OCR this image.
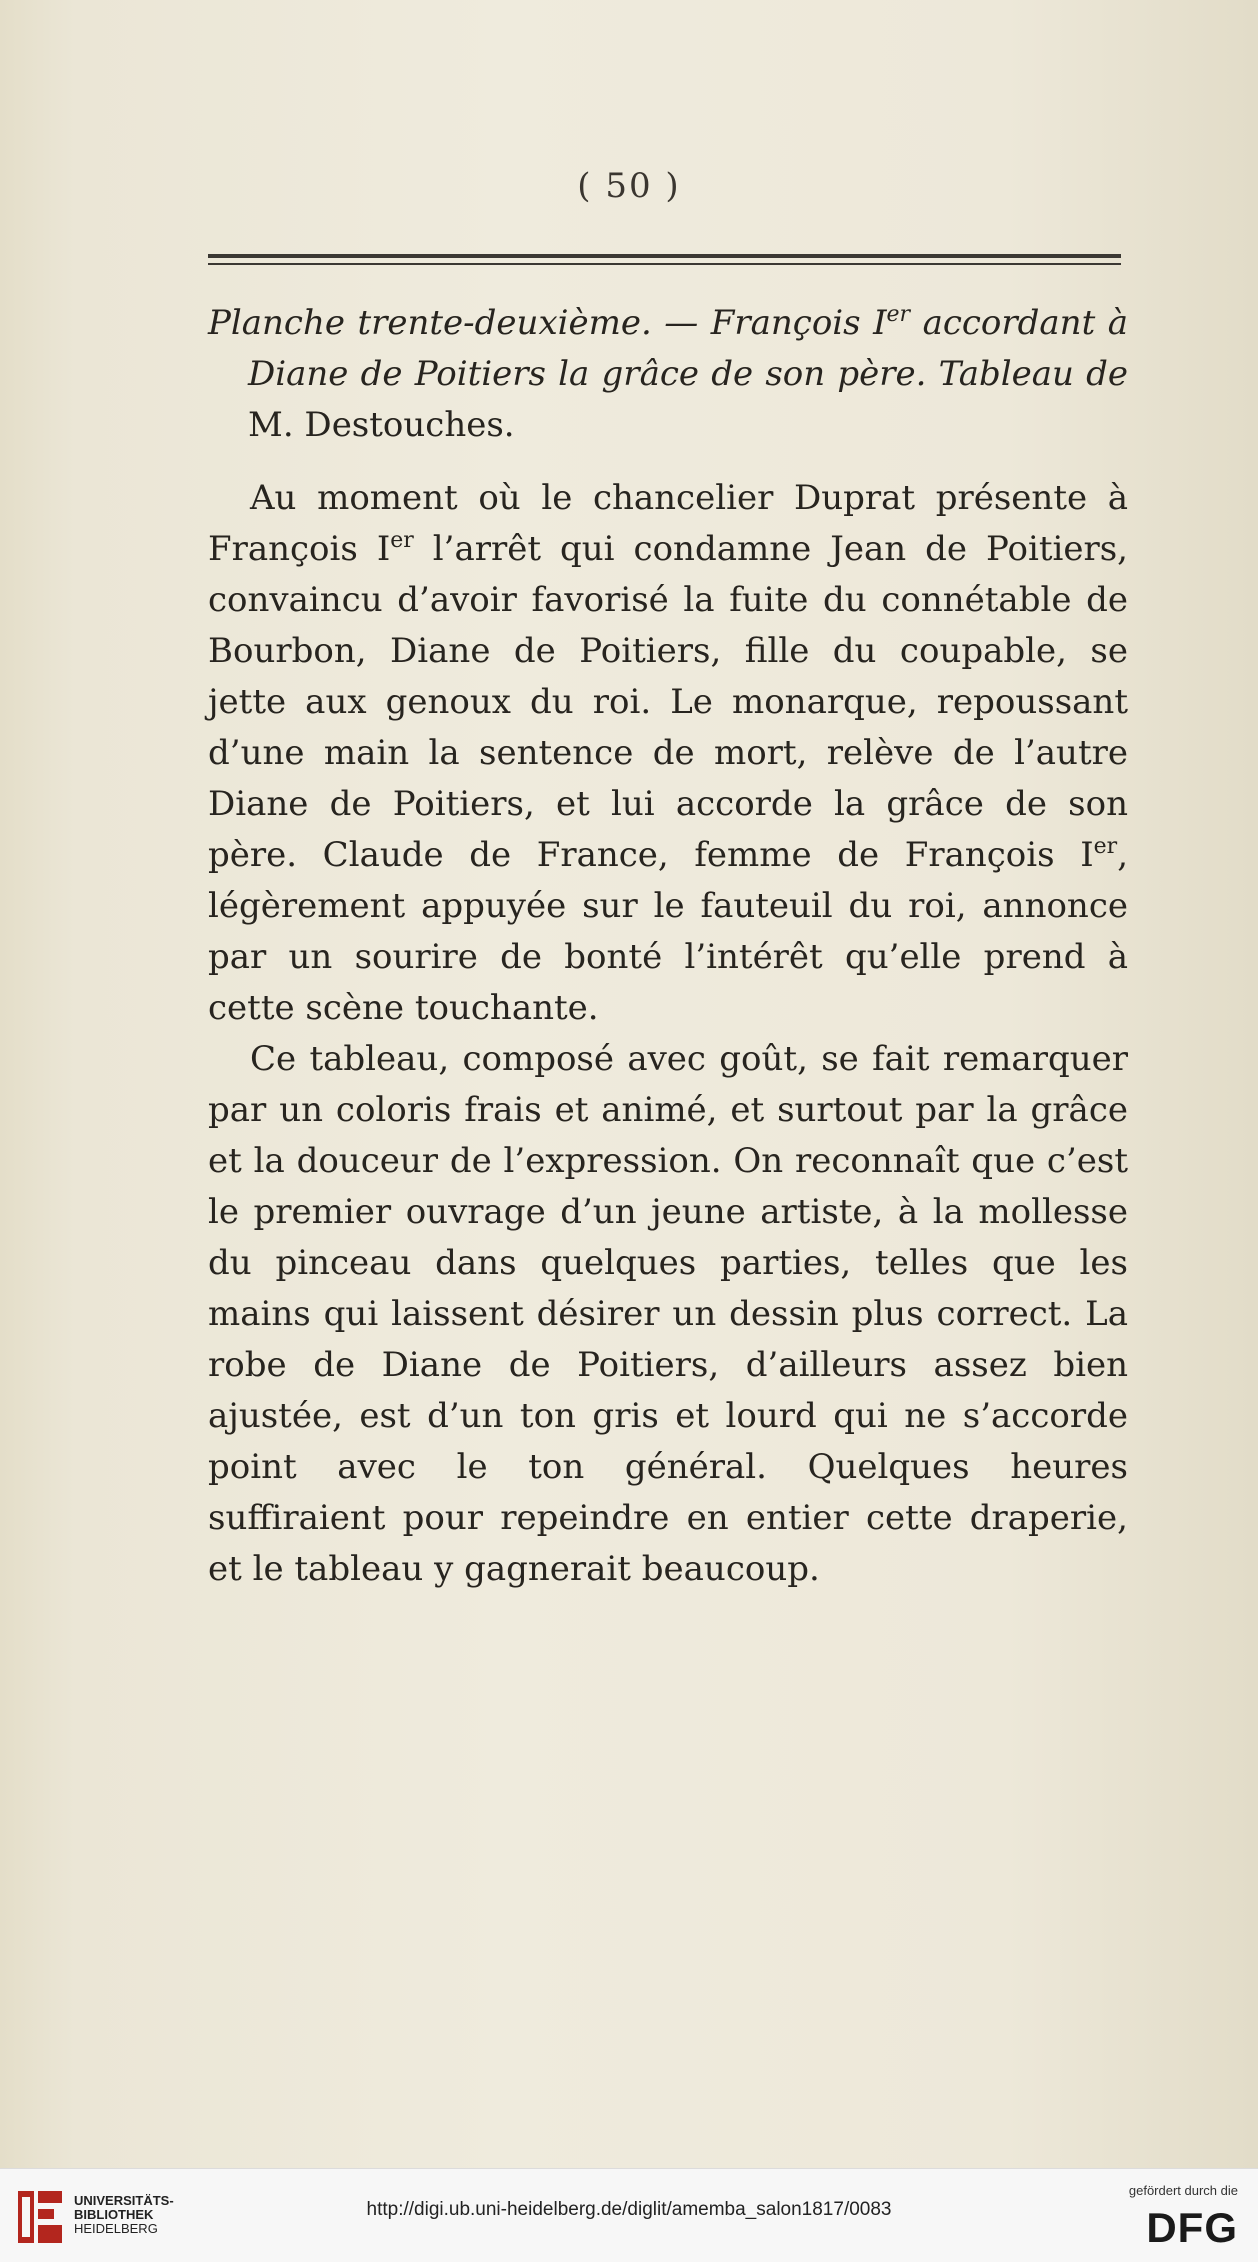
( 50 )

Planche trente-deuxième. — François Ier accordant à Diane de Poitiers la grâce de son père. Tableau de M. Destouches.

Au moment où le chancelier Duprat présente à François Ier l’arrêt qui condamne Jean de Poitiers, convaincu d’avoir favorisé la fuite du connétable de Bourbon, Diane de Poitiers, fille du coupable, se jette aux genoux du roi. Le monarque, repoussant d’une main la sentence de mort, relève de l’autre Diane de Poitiers, et lui accorde la grâce de son père. Claude de France, femme de François Ier, légèrement appuyée sur le fauteuil du roi, annonce par un sourire de bonté l’intérêt qu’elle prend à cette scène touchante.

Ce tableau, composé avec goût, se fait remarquer par un coloris frais et animé, et surtout par la grâce et la douceur de l’expression. On reconnaît que c’est le premier ouvrage d’un jeune artiste, à la mollesse du pinceau dans quelques parties, telles que les mains qui laissent désirer un dessin plus correct. La robe de Diane de Poitiers, d’ailleurs assez bien ajustée, est d’un ton gris et lourd qui ne s’accorde point avec le ton général. Quelques heures suffiraient pour repeindre en entier cette draperie, et le tableau y gagnerait beaucoup.

UNIVERSITÄTS-
BIBLIOTHEK
HEIDELBERG
http://digi.ub.uni-heidelberg.de/diglit/amemba_salon1817/0083
gefördert durch die
DFG
